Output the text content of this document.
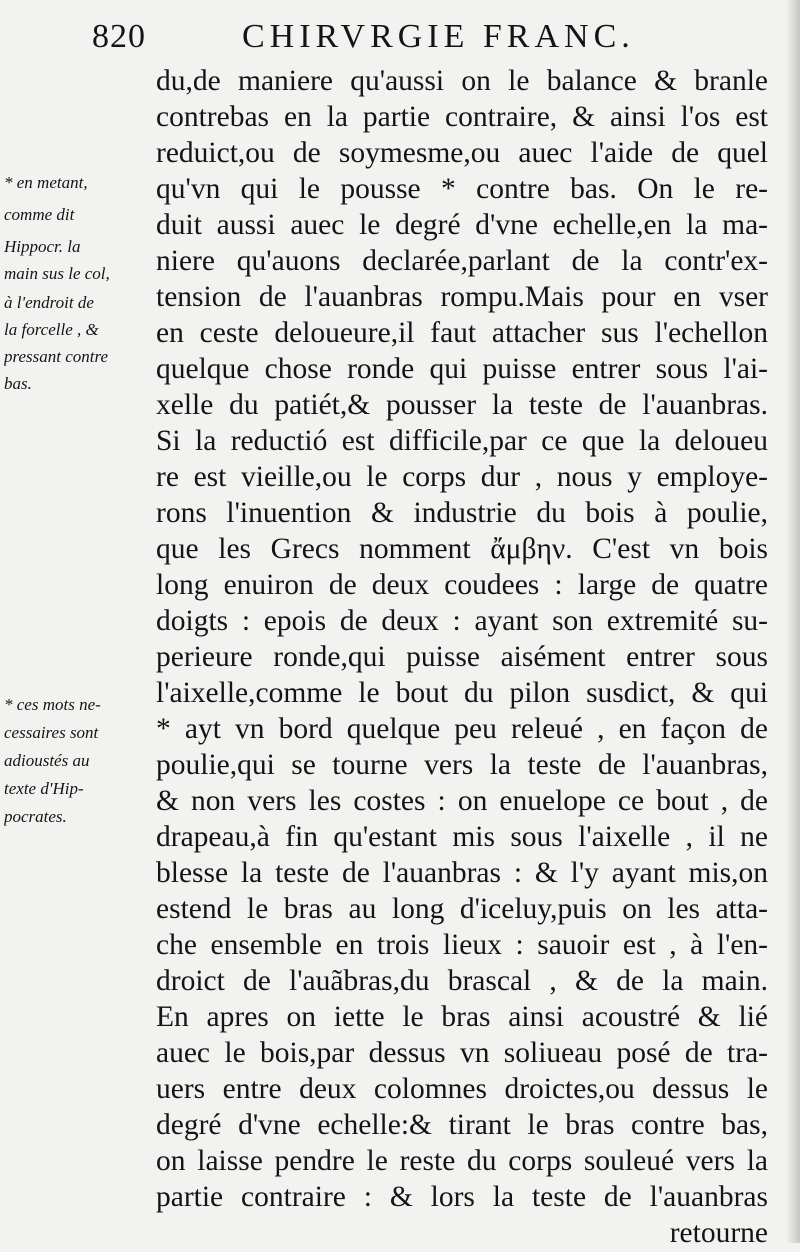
820	CHIRVRGIE FRANC.
* en metant,
comme dit
Hippocr. la
main sus le col,
à l'endroit de
la forcelle , &
pressant contre
bas.
* ces mots ne-
cessaires sont
adioustés au
texte d'Hip-
pocrates.
du,de maniere qu'aussi on le balance & branle
contrebas en la partie contraire, & ainsi l'os est
reduict,ou de soymesme,ou auec l'aide de quel
qu'vn qui le pousse * contre bas. On le re-
duit aussi auec le degré d'vne echelle,en la ma-
niere qu'auons declarée,parlant de la contr'ex-
tension de l'auanbras rompu.Mais pour en vser
en ceste deloueure,il faut attacher sus l'echellon
quelque chose ronde qui puisse entrer sous l'ai-
xelle du patiét,& pousser la teste de l'auanbras.
Si la reductió est difficile,par ce que la deloueu
re est vieille,ou le corps dur , nous y employe-
rons l'inuention & industrie du bois à poulie,
que les Grecs nomment ἄμβην. C'est vn bois
long enuiron de deux coudees : large de quatre
doigts : epois de deux : ayant son extremité su-
perieure ronde,qui puisse aisément entrer sous
l'aixelle,comme le bout du pilon susdict, & qui
* ayt vn bord quelque peu releué , en façon de
poulie,qui se tourne vers la teste de l'auanbras,
& non vers les costes : on enuelope ce bout , de
drapeau,à fin qu'estant mis sous l'aixelle , il ne
blesse la teste de l'auanbras : & l'y ayant mis,on
estend le bras au long d'iceluy,puis on les atta-
che ensemble en trois lieux : sauoir est , à l'en-
droict de l'auãbras,du brascal , & de la main.
En apres on iette le bras ainsi acoustré & lié
auec le bois,par dessus vn soliueau posé de tra-
uers entre deux colomnes droictes,ou dessus le
degré d'vne echelle:& tirant le bras contre bas,
on laisse pendre le reste du corps souleué vers la
partie contraire : & lors la teste de l'auanbras
retourne
